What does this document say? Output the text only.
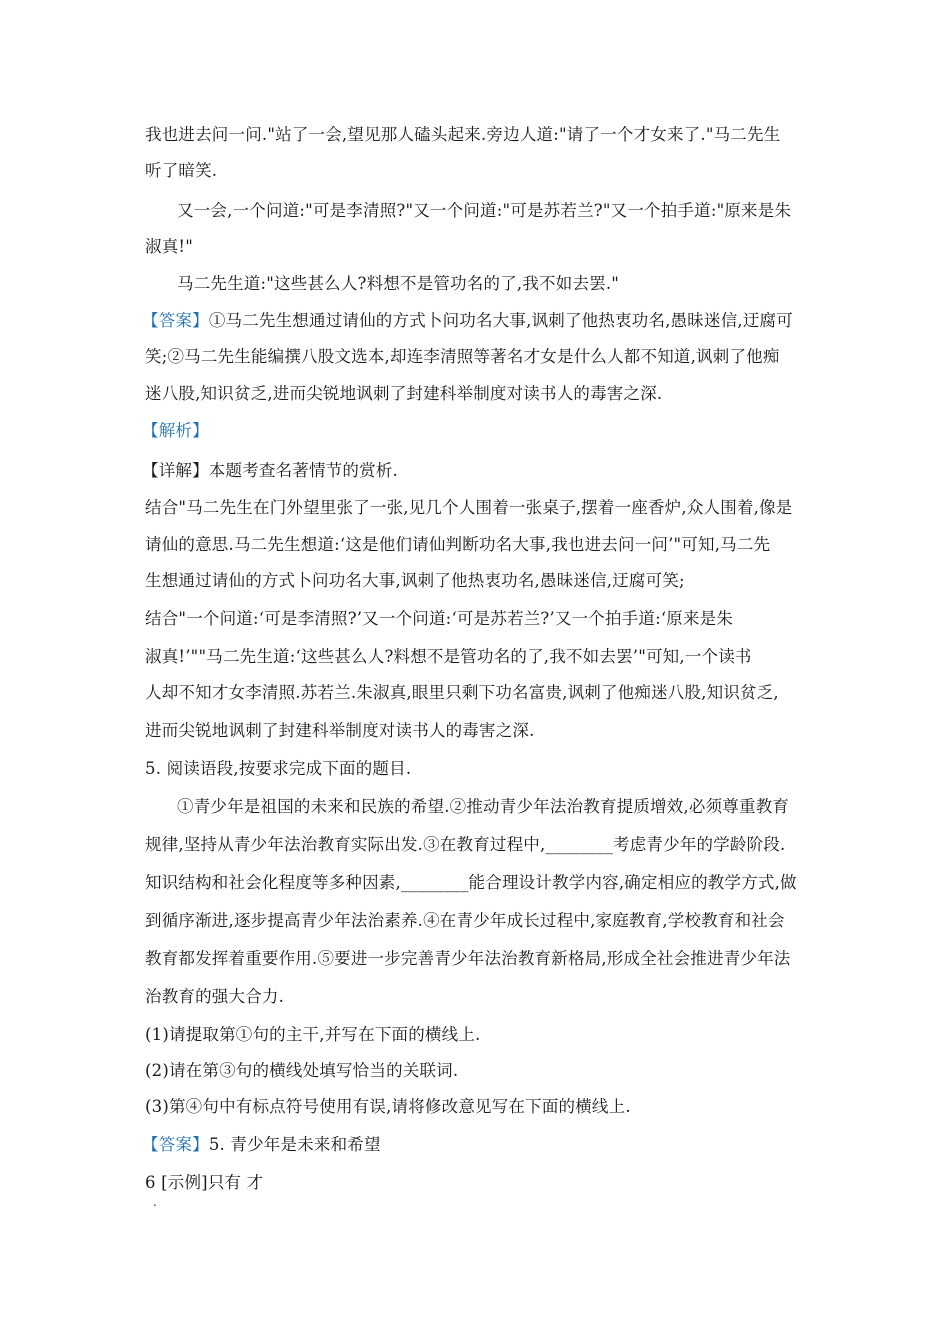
我也进去问一问."站了一会,望见那人磕头起来.旁边人道:"请了一个才女来了."马二先生
听了暗笑.
又一会,一个问道:"可是李清照?"又一个问道:"可是苏若兰?"又一个拍手道:"原来是朱
淑真!"
马二先生道:"这些甚么人?料想不是管功名的了,我不如去罢."
【答案】①马二先生想通过请仙的方式卜问功名大事,讽刺了他热衷功名,愚昧迷信,迂腐可
笑;②马二先生能编撰八股文选本,却连李清照等著名才女是什么人都不知道,讽刺了他痴
迷八股,知识贫乏,进而尖锐地讽刺了封建科举制度对读书人的毒害之深.
【解析】
【详解】本题考查名著情节的赏析.
结合"马二先生在门外望里张了一张,见几个人围着一张桌子,摆着一座香炉,众人围着,像是
请仙的意思.马二先生想道:‘这是他们请仙判断功名大事,我也进去问一问’"可知,马二先
生想通过请仙的方式卜问功名大事,讽刺了他热衷功名,愚昧迷信,迂腐可笑;
结合"一个问道:‘可是李清照?’又一个问道:‘可是苏若兰?’又一个拍手道:‘原来是朱
淑真!’""马二先生道:‘这些甚么人?料想不是管功名的了,我不如去罢’"可知,一个读书
人却不知才女李清照.苏若兰.朱淑真,眼里只剩下功名富贵,讽刺了他痴迷八股,知识贫乏,
进而尖锐地讽刺了封建科举制度对读书人的毒害之深.
5. 阅读语段,按要求完成下面的题目.
①青少年是祖国的未来和民族的希望.②推动青少年法治教育提质增效,必须尊重教育
规律,坚持从青少年法治教育实际出发.③在教育过程中,________考虑青少年的学龄阶段.
知识结构和社会化程度等多种因素,________能合理设计教学内容,确定相应的教学方式,做
到循序渐进,逐步提高青少年法治素养.④在青少年成长过程中,家庭教育,学校教育和社会
教育都发挥着重要作用.⑤要进一步完善青少年法治教育新格局,形成全社会推进青少年法
治教育的强大合力.
(1)请提取第①句的主干,并写在下面的横线上.
(2)请在第③句的横线处填写恰当的关联词.
(3)第④句中有标点符号使用有误,请将修改意见写在下面的横线上.
【答案】5. 青少年是未来和希望
6 [示例]只有 才
.
